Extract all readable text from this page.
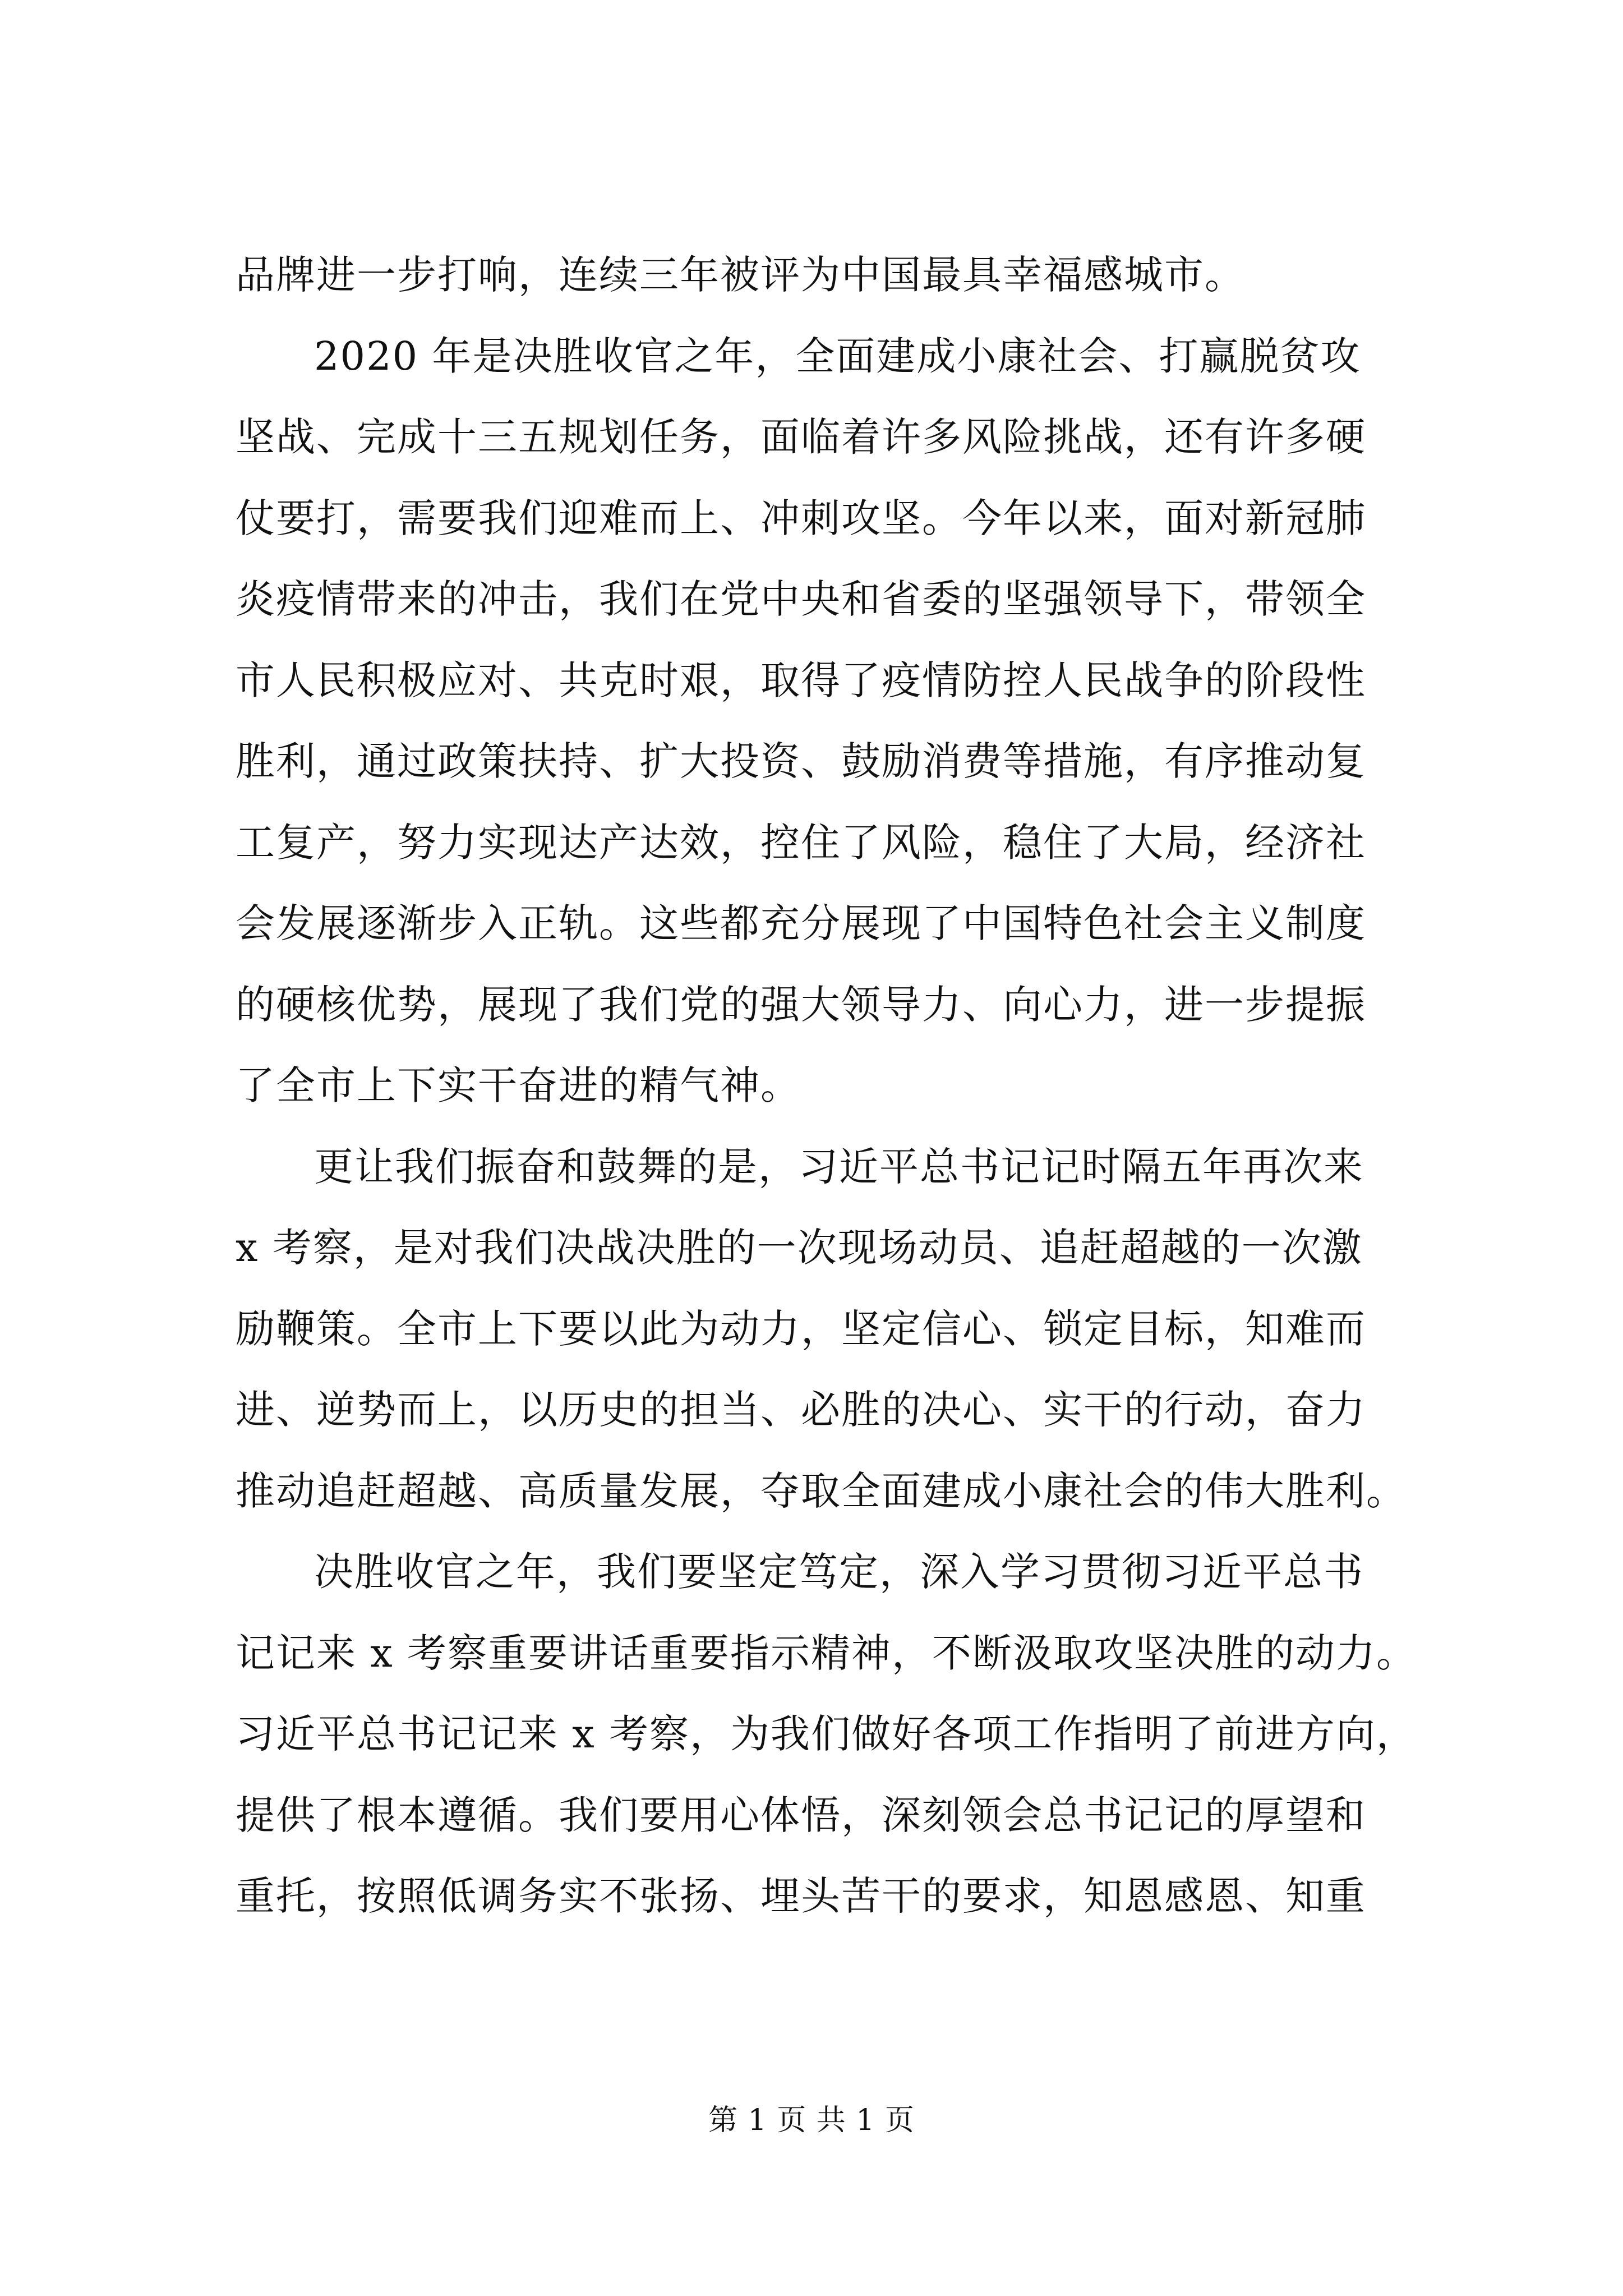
品牌进一步打响，连续三年被评为中国最具幸福感城市。
2020 年是决胜收官之年，全面建成小康社会、打赢脱贫攻
坚战、完成十三五规划任务，面临着许多风险挑战，还有许多硬
仗要打，需要我们迎难而上、冲刺攻坚。今年以来，面对新冠肺
炎疫情带来的冲击，我们在党中央和省委的坚强领导下，带领全
市人民积极应对、共克时艰，取得了疫情防控人民战争的阶段性
胜利，通过政策扶持、扩大投资、鼓励消费等措施，有序推动复
工复产，努力实现达产达效，控住了风险，稳住了大局，经济社
会发展逐渐步入正轨。这些都充分展现了中国特色社会主义制度
的硬核优势，展现了我们党的强大领导力、向心力，进一步提振
了全市上下实干奋进的精气神。
更让我们振奋和鼓舞的是，习近平总书记记时隔五年再次来
x 考察，是对我们决战决胜的一次现场动员、追赶超越的一次激
励鞭策。全市上下要以此为动力，坚定信心、锁定目标，知难而
进、逆势而上，以历史的担当、必胜的决心、实干的行动，奋力
推动追赶超越、高质量发展，夺取全面建成小康社会的伟大胜利。
决胜收官之年，我们要坚定笃定，深入学习贯彻习近平总书
记记来 x 考察重要讲话重要指示精神，不断汲取攻坚决胜的动力。
习近平总书记记来 x 考察，为我们做好各项工作指明了前进方向，
提供了根本遵循。我们要用心体悟，深刻领会总书记记的厚望和
重托，按照低调务实不张扬、埋头苦干的要求，知恩感恩、知重
第 1 页 共 1 页
